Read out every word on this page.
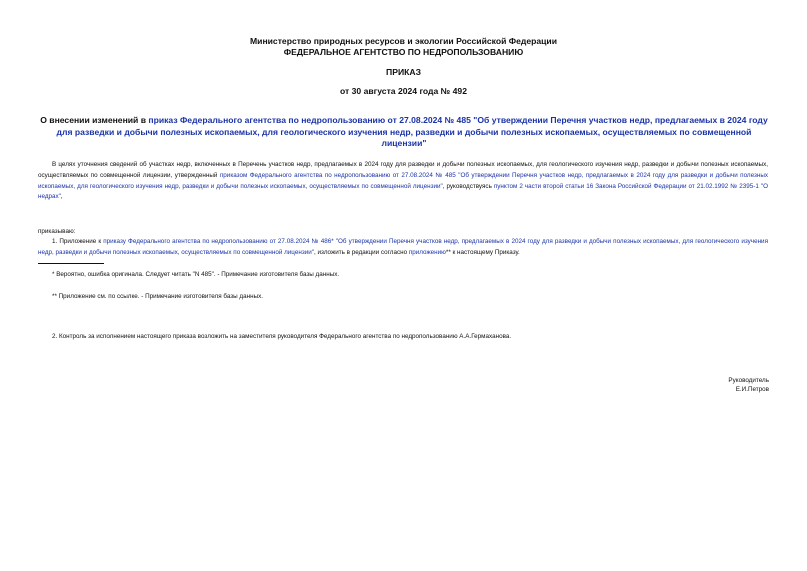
Министерство природных ресурсов и экологии Российской Федерации
ФЕДЕРАЛЬНОЕ АГЕНТСТВО ПО НЕДРОПОЛЬЗОВАНИЮ
ПРИКАЗ
от 30 августа 2024 года № 492
О внесении изменений в приказ Федерального агентства по недропользованию от 27.08.2024 № 485 "Об утверждении Перечня участков недр, предлагаемых в 2024 году для разведки и добычи полезных ископаемых, для геологического изучения недр, разведки и добычи полезных ископаемых, осуществляемых по совмещенной лицензии"
В целях уточнения сведений об участках недр, включенных в Перечень участков недр, предлагаемых в 2024 году для разведки и добычи полезных ископаемых, для геологического изучения недр, разведки и добычи полезных ископаемых, осуществляемых по совмещенной лицензии, утвержденный приказом Федерального агентства по недропользованию от 27.08.2024 № 485 "Об утверждении Перечня участков недр, предлагаемых в 2024 году для разведки и добычи полезных ископаемых, для геологического изучения недр, разведки и добычи полезных ископаемых, осуществляемых по совмещенной лицензии", руководствуясь пунктом 2 части второй статьи 16 Закона Российской Федерации от 21.02.1992 № 2395-1 "О недрах",
приказываю:
1. Приложение к приказу Федерального агентства по недропользованию от 27.08.2024 № 486* "Об утверждении Перечня участков недр, предлагаемых в 2024 году для разведки и добычи полезных ископаемых, для геологического изучения недр, разведки и добычи полезных ископаемых, осуществляемых по совмещенной лицензии", изложить в редакции согласно приложению** к настоящему Приказу.
* Вероятно, ошибка оригинала. Следует читать "N 485". - Примечание изготовителя базы данных.
** Приложение см. по ссылке. - Примечание изготовителя базы данных.
2. Контроль за исполнением настоящего приказа возложить на заместителя руководителя Федерального агентства по недропользованию А.А.Гермаханова.
Руководитель
Е.И.Петров
